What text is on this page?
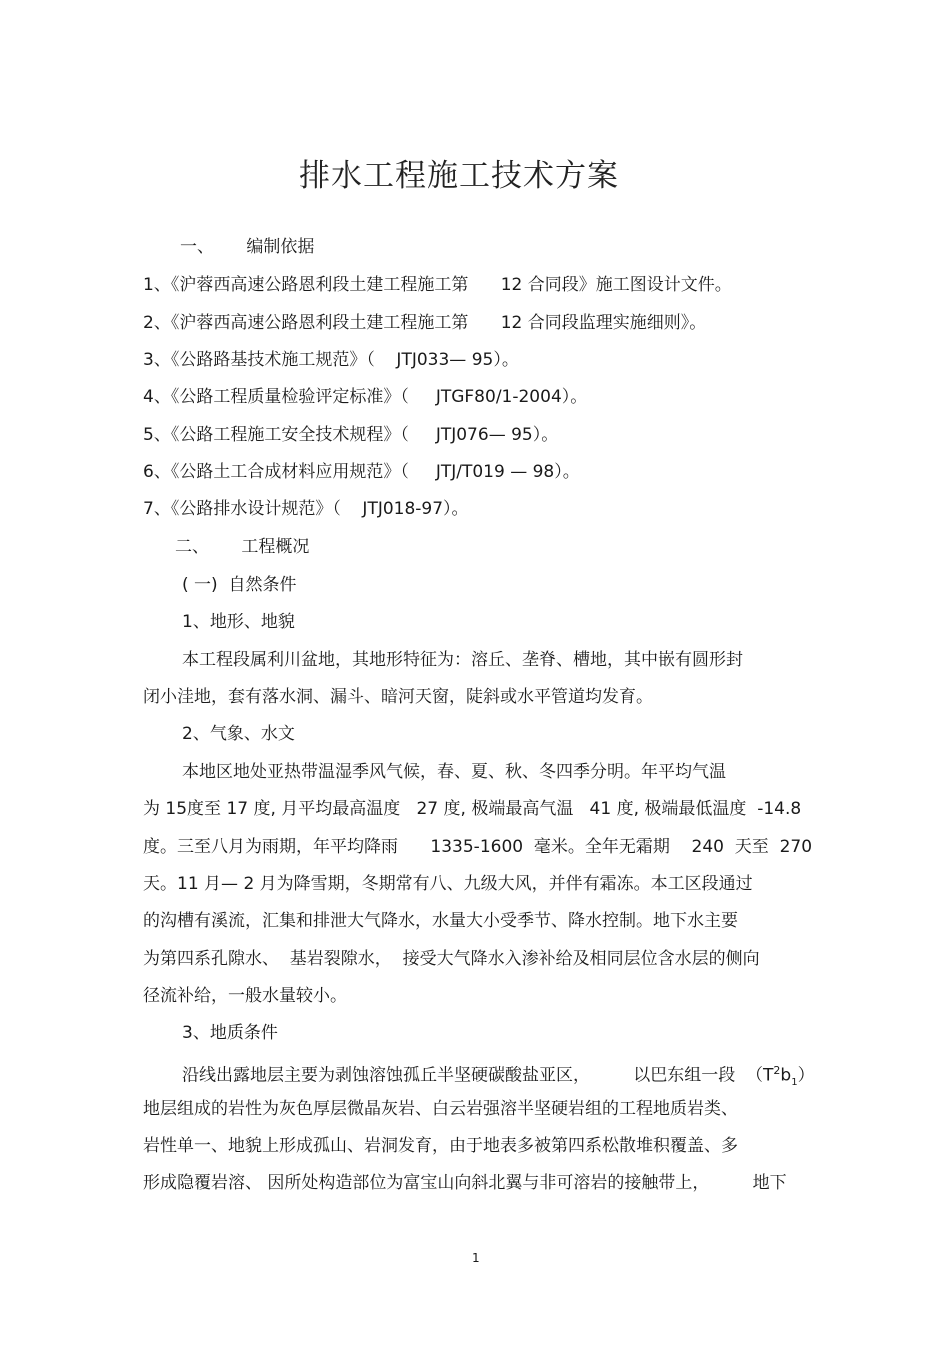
排水工程施工技术方案
一、      编制依据
1、《沪蓉西高速公路恩利段土建工程施工第      12 合同段》施工图设计文件。
2、《沪蓉西高速公路恩利段土建工程施工第      12 合同段监理实施细则》。
3、《公路路基技术施工规范》（    JTJ033— 95）。
4、《公路工程质量检验评定标准》（     JTGF80/1-2004）。
5、《公路工程施工安全技术规程》（     JTJ076— 95）。
6、《公路土工合成材料应用规范》（     JTJ/T019 — 98）。
7、《公路排水设计规范》（    JTJ018-97）。
二、      工程概况
( 一)  自然条件
1、地形、地貌
本工程段属利川盆地，其地形特征为：溶丘、垄脊、槽地，其中嵌有圆形封
闭小洼地，套有落水洞、漏斗、暗河天窗，陡斜或水平管道均发育。
2、气象、水文
本地区地处亚热带温湿季风气候，春、夏、秋、冬四季分明。年平均气温
为 15度至 17 度, 月平均最高温度   27 度, 极端最高气温   41 度, 极端最低温度  -14.8
度。三至八月为雨期，年平均降雨      1335-1600  毫米。全年无霜期    240  天至  270
天。11 月— 2 月为降雪期，冬期常有八、九级大风，并伴有霜冻。本工区段通过
的沟槽有溪流，汇集和排泄大气降水，水量大小受季节、降水控制。地下水主要
为第四系孔隙水、  基岩裂隙水，  接受大气降水入渗补给及相同层位含水层的侧向
径流补给，一般水量较小。
3、地质条件
沿线出露地层主要为剥蚀溶蚀孤丘半坚硬碳酸盐亚区，        以巴东组一段  $(T^2b_1)$
地层组成的岩性为灰色厚层微晶灰岩、白云岩强溶半坚硬岩组的工程地质岩类、
岩性单一、地貌上形成孤山、岩洞发育，由于地表多被第四系松散堆积覆盖、多
形成隐覆岩溶、 因所处构造部位为富宝山向斜北翼与非可溶岩的接触带上，        地下
1
